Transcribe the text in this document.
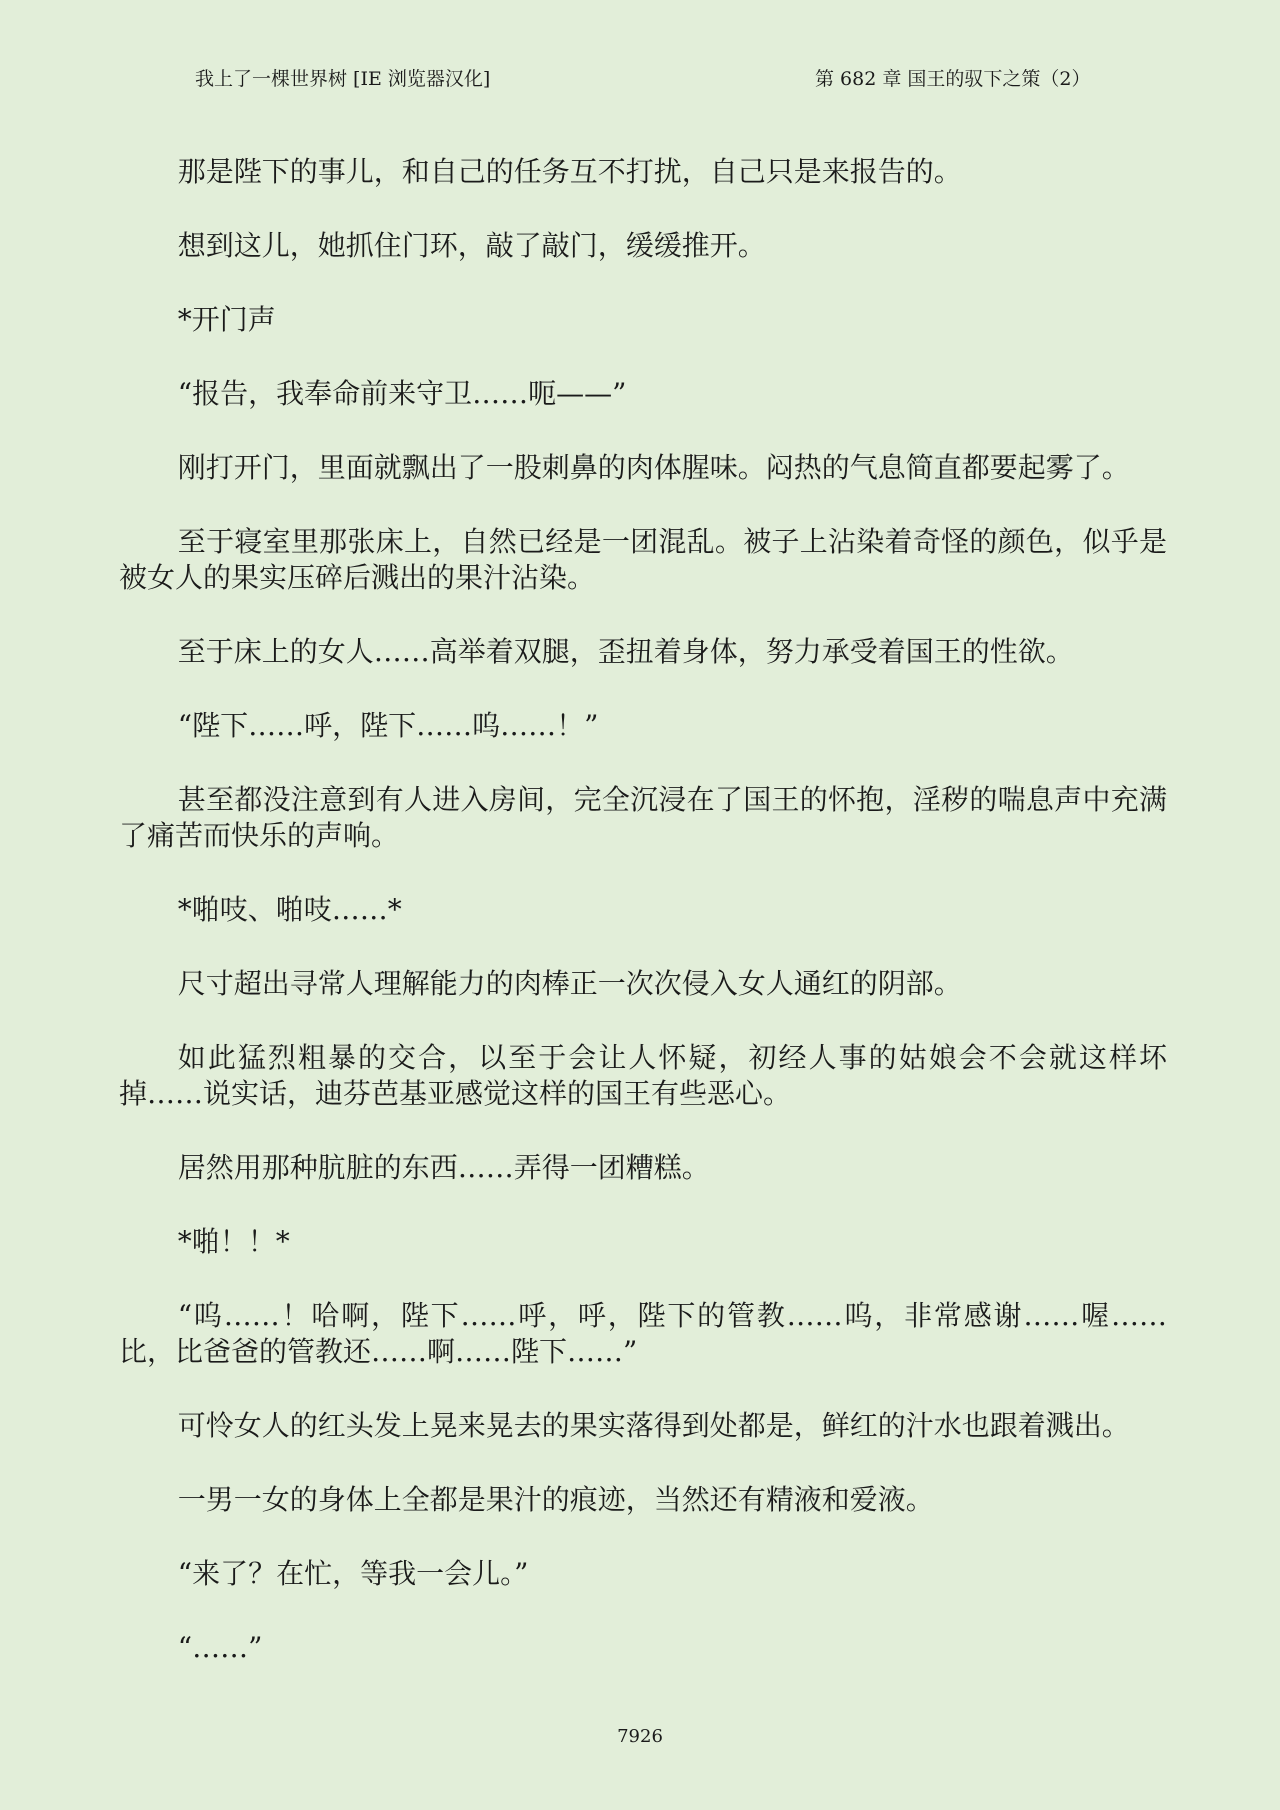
我上了一棵世界树 [IE 浏览器汉化]	第 682 章 国王的驭下之策（2）

那是陛下的事儿，和自己的任务互不打扰，自己只是来报告的。

想到这儿，她抓住门环，敲了敲门，缓缓推开。

*开门声

“报告，我奉命前来守卫……呃——”

刚打开门，里面就飘出了一股刺鼻的肉体腥味。闷热的气息简直都要起雾了。

至于寝室里那张床上，自然已经是一团混乱。被子上沾染着奇怪的颜色，似乎是被女人的果实压碎后溅出的果汁沾染。

至于床上的女人……高举着双腿，歪扭着身体，努力承受着国王的性欲。

“陛下……呼，陛下……呜……！”

甚至都没注意到有人进入房间，完全沉浸在了国王的怀抱，淫秽的喘息声中充满了痛苦而快乐的声响。

*啪吱、啪吱……*

尺寸超出寻常人理解能力的肉棒正一次次侵入女人通红的阴部。

如此猛烈粗暴的交合，以至于会让人怀疑，初经人事的姑娘会不会就这样坏掉……说实话，迪芬芭基亚感觉这样的国王有些恶心。

居然用那种肮脏的东西……弄得一团糟糕。

*啪！！*

“呜……！哈啊，陛下……呼，呼，陛下的管教……呜，非常感谢……喔……比，比爸爸的管教还……啊……陛下……”

可怜女人的红头发上晃来晃去的果实落得到处都是，鲜红的汁水也跟着溅出。

一男一女的身体上全都是果汁的痕迹，当然还有精液和爱液。

“来了？在忙，等我一会儿。”

“……”

7926
